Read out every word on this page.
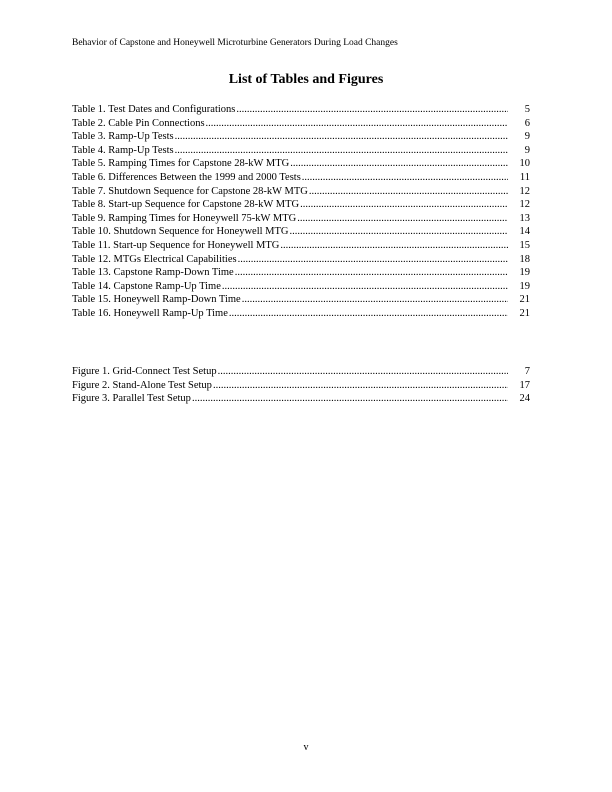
Behavior of Capstone and Honeywell Microturbine Generators During Load Changes
List of Tables and Figures
Table 1. Test Dates and Configurations .....	5
Table 2. Cable Pin Connections .....	6
Table 3. Ramp-Up Tests .....	9
Table 4. Ramp-Up Tests .....	9
Table 5. Ramping Times for Capstone 28-kW MTG .....	10
Table 6. Differences Between the 1999 and 2000 Tests .....	11
Table 7. Shutdown Sequence for Capstone 28-kW MTG .....	12
Table 8. Start-up Sequence for Capstone 28-kW MTG .....	12
Table 9. Ramping Times for Honeywell 75-kW MTG .....	13
Table 10. Shutdown Sequence for Honeywell MTG .....	14
Table 11. Start-up Sequence for Honeywell MTG .....	15
Table 12. MTGs Electrical Capabilities .....	18
Table 13. Capstone Ramp-Down Time .....	19
Table 14. Capstone Ramp-Up Time .....	19
Table 15. Honeywell Ramp-Down Time .....	21
Table 16. Honeywell Ramp-Up Time .....	21
Figure 1. Grid-Connect Test Setup .....	7
Figure 2. Stand-Alone Test Setup .....	17
Figure 3. Parallel Test Setup .....	24
v
